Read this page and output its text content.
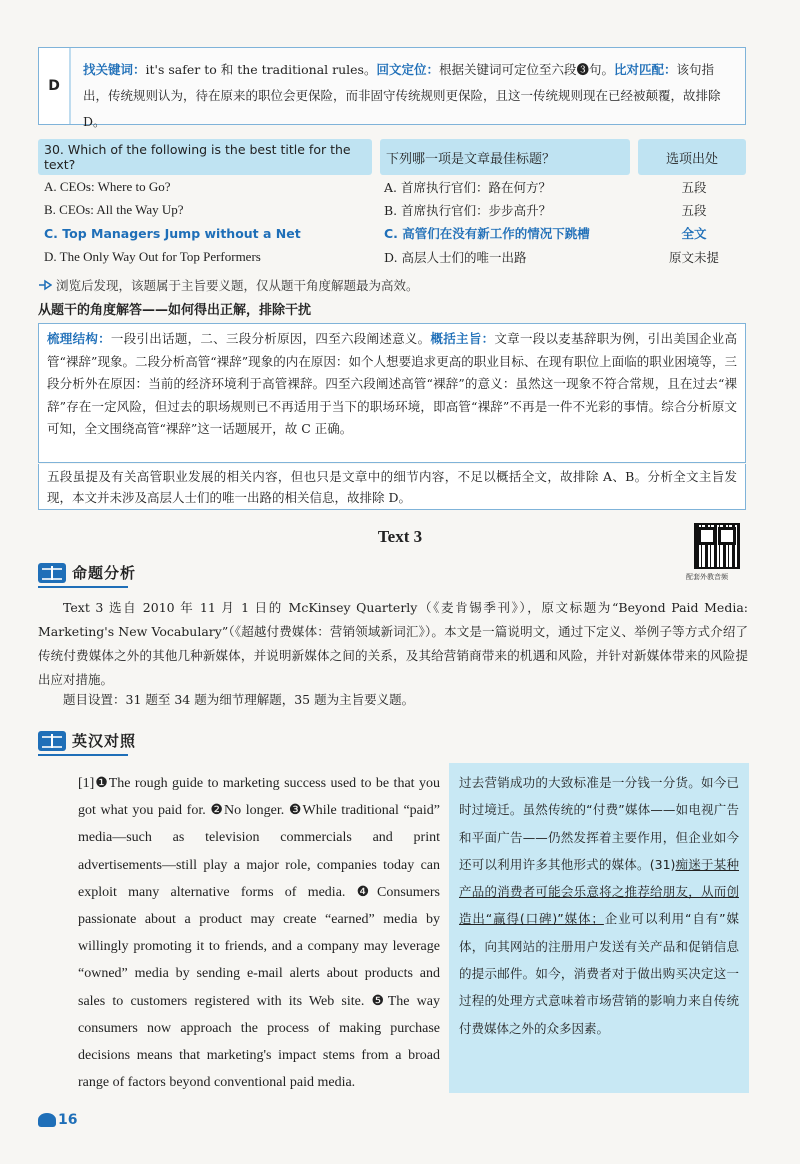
D
找关键词：it's safer to 和 the traditional rules。回文定位：根据关键词可定位至六段❸句。比对匹配：该句指出，传统规则认为，待在原来的职位会更保险，而非固守传统规则更保险，且这一传统规则现在已经被颠覆，故排除 D。
30. Which of the following is the best title for the text?	下列哪一项是文章最佳标题？	选项出处
A. CEOs: Where to Go?	A. 首席执行官们：路在何方？	五段
B. CEOs: All the Way Up?	B. 首席执行官们：步步高升？	五段
C. Top Managers Jump without a Net	C. 高管们在没有新工作的情况下跳槽	全文
D. The Only Way Out for Top Performers	D. 高层人士们的唯一出路	原文未提
浏览后发现，该题属于主旨要义题，仅从题干角度解题最为高效。
从题干的角度解答——如何得出正解，排除干扰
梳理结构：一段引出话题，二、三段分析原因，四至六段阐述意义。概括主旨：文章一段以麦基辞职为例，引出美国企业高管“裸辞”现象。二段分析高管“裸辞”现象的内在原因：如个人想要追求更高的职业目标、在现有职位上面临的职业困境等，三段分析外在原因：当前的经济环境利于高管裸辞。四至六段阐述高管“裸辞”的意义：虽然这一现象不符合常规，且在过去“裸辞”存在一定风险，但过去的职场规则已不再适用于当下的职场环境，即高管“裸辞”不再是一件不光彩的事情。综合分析原文可知，全文围绕高管“裸辞”这一话题展开，故 C 正确。
五段虽提及有关高管职业发展的相关内容，但也只是文章中的细节内容，不足以概括全文，故排除 A、B。分析全文主旨发现，本文并未涉及高层人士们的唯一出路的相关信息，故排除 D。
Text 3
配套外教音频
命题分析
Text 3 选自 2010 年 11 月 1 日的 McKinsey Quarterly（《麦肯锡季刊》），原文标题为“Beyond Paid Media: Marketing's New Vocabulary”（《超越付费媒体：营销领域新词汇》）。本文是一篇说明文，通过下定义、举例子等方式介绍了传统付费媒体之外的其他几种新媒体，并说明新媒体之间的关系，及其给营销商带来的机遇和风险，并针对新媒体带来的风险提出应对措施。
题目设置：31 题至 34 题为细节理解题，35 题为主旨要义题。
英汉对照
[1]❶The rough guide to marketing success used to be that you got what you paid for. ❷No longer. ❸While traditional “paid” media—such as television commercials and print advertisements—still play a major role, companies today can exploit many alternative forms of media. ❹Consumers passionate about a product may create “earned” media by willingly promoting it to friends, and a company may leverage “owned” media by sending e-mail alerts about products and sales to customers registered with its Web site. ❺The way consumers now approach the process of making purchase decisions means that marketing's impact stems from a broad range of factors beyond conventional paid media.
过去营销成功的大致标准是一分钱一分货。如今已时过境迁。虽然传统的“付费”媒体——如电视广告和平面广告——仍然发挥着主要作用，但企业如今还可以利用许多其他形式的媒体。(31)痴迷于某种产品的消费者可能会乐意将之推荐给朋友，从而创造出“赢得(口碑)”媒体；企业可以利用“自有”媒体，向其网站的注册用户发送有关产品和促销信息的提示邮件。如今，消费者对于做出购买决定这一过程的处理方式意味着市场营销的影响力来自传统付费媒体之外的众多因素。
16
